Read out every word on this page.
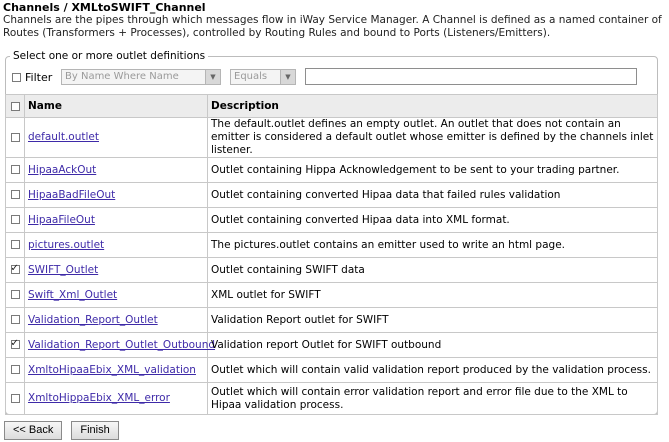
Channels / XMLtoSWIFT_Channel
Channels are the pipes through which messages flow in iWay Service Manager. A Channel is defined as a named container of Routes (Transformers + Processes), controlled by Routing Rules and bound to Ports (Listeners/Emitters).
Select one or more outlet definitions
Filter	By Name Where Name	▼	Equals	▼
	Name	Description
	default.outlet	The default.outlet defines an empty outlet. An outlet that does not contain an emitter is considered a default outlet whose emitter is defined by the channels inlet listener.
	HipaaAckOut	Outlet containing Hippa Acknowledgement to be sent to your trading partner.
	HipaaBadFileOut	Outlet containing converted Hipaa data that failed rules validation
	HipaaFileOut	Outlet containing converted Hipaa data into XML format.
	pictures.outlet	The pictures.outlet contains an emitter used to write an html page.
✓	SWIFT_Outlet	Outlet containing SWIFT data
	Swift_Xml_Outlet	XML outlet for SWIFT
	Validation_Report_Outlet	Validation Report outlet for SWIFT
✓	Validation_Report_Outlet_Outbound	Validation report Outlet for SWIFT outbound
	XmltoHipaaEbix_XML_validation	Outlet which will contain valid validation report produced by the validation process.
	XmltoHippaEbix_XML_error	Outlet which will contain error validation report and error file due to the XML to Hipaa validation process.
<< Back	Finish
